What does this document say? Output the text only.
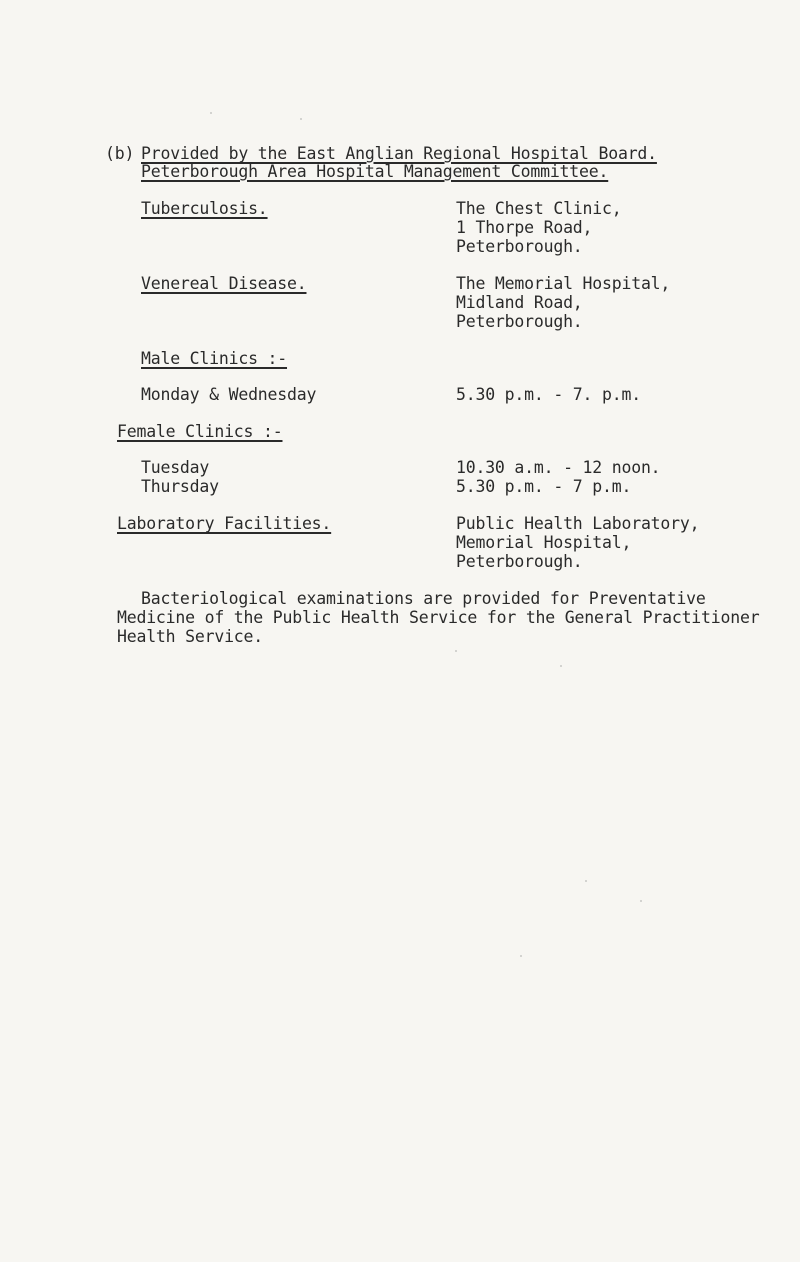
(b) Provided by the East Anglian Regional Hospital Board.
Peterborough Area Hospital Management Committee.
Tuberculosis.	The Chest Clinic,
1 Thorpe Road,
Peterborough.
Venereal Disease.	The Memorial Hospital,
Midland Road,
Peterborough.
Male Clinics :-
Monday & Wednesday	5.30 p.m. - 7. p.m.
Female Clinics :-
Tuesday	10.30 a.m. - 12 noon.
Thursday	5.30 p.m. - 7 p.m.
Laboratory Facilities.	Public Health Laboratory,
Memorial Hospital,
Peterborough.
Bacteriological examinations are provided for Preventative
Medicine of the Public Health Service for the General Practitioner
Health Service.
